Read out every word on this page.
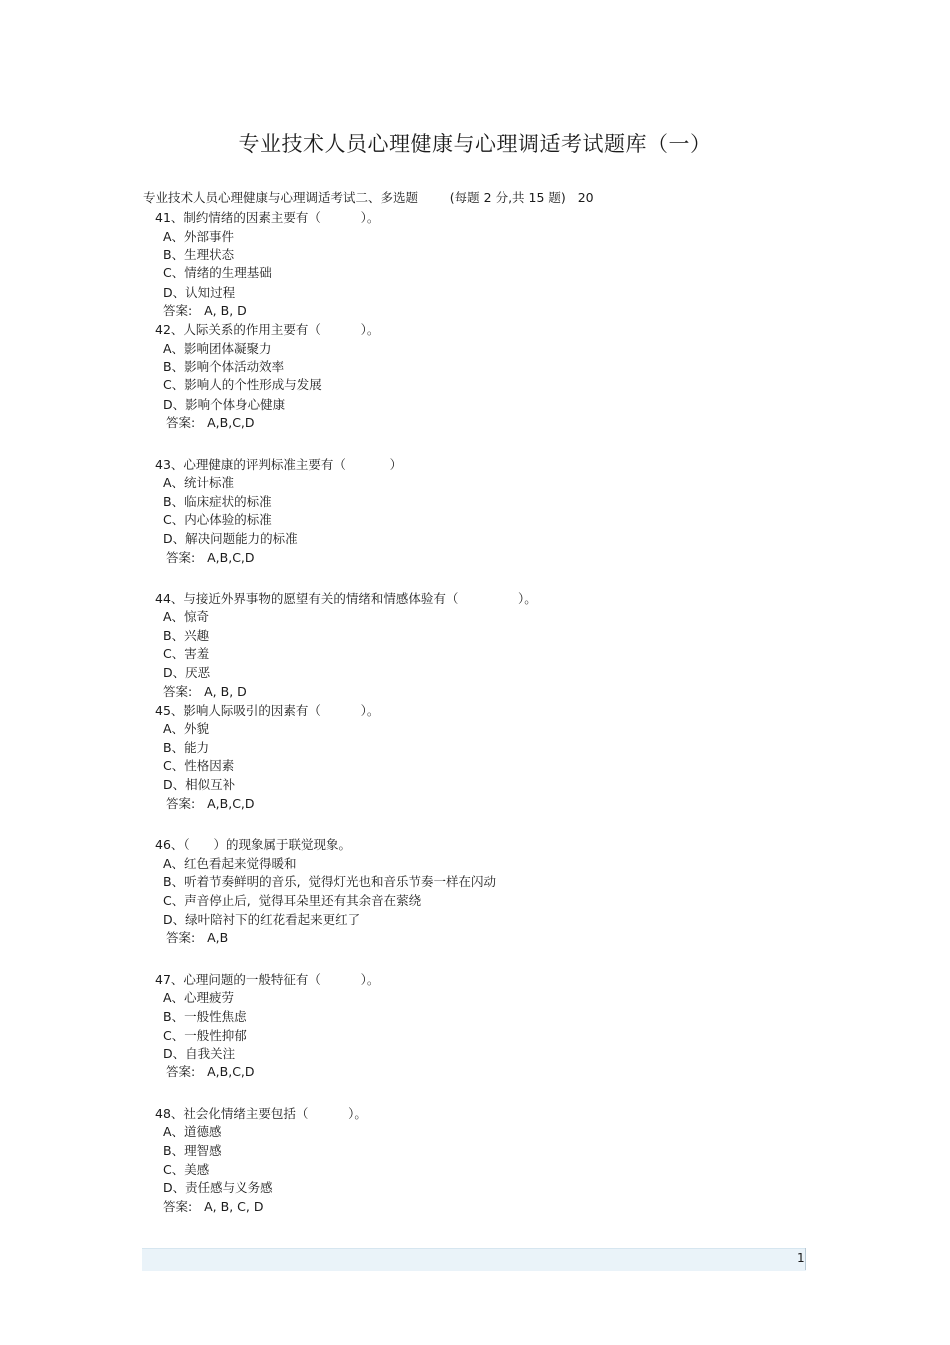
专业技术人员心理健康与心理调适考试题库（一）
专业技术人员心理健康与心理调适考试二、多选题        (每题 2 分,共 15 题)   20
41、制约情绪的因素主要有（          ）。
A、外部事件
B、生理状态
C、情绪的生理基础
D、认知过程
答案:   A, B, D
42、人际关系的作用主要有（          ）。
A、影响团体凝聚力
B、影响个体活动效率
C、影响人的个性形成与发展
D、影响个体身心健康
答案:   A,B,C,D
43、心理健康的评判标准主要有（           ）
A、统计标准
B、临床症状的标准
C、内心体验的标准
D、解决问题能力的标准
答案:   A,B,C,D
44、与接近外界事物的愿望有关的情绪和情感体验有（               ）。
A、惊奇
B、兴趣
C、害羞
D、厌恶
答案:   A, B, D
45、影响人际吸引的因素有（          ）。
A、外貌
B、能力
C、性格因素
D、相似互补
答案:   A,B,C,D
46、（      ）的现象属于联觉现象。
A、红色看起来觉得暖和
B、听着节奏鲜明的音乐,  觉得灯光也和音乐节奏一样在闪动
C、声音停止后,  觉得耳朵里还有其余音在萦绕
D、绿叶陪衬下的红花看起来更红了
答案:   A,B
47、心理问题的一般特征有（          ）。
A、心理疲劳
B、一般性焦虑
C、一般性抑郁
D、自我关注
答案:   A,B,C,D
48、社会化情绪主要包括（          ）。
A、道德感
B、理智感
C、美感
D、责任感与义务感
答案:   A, B, C, D
1
